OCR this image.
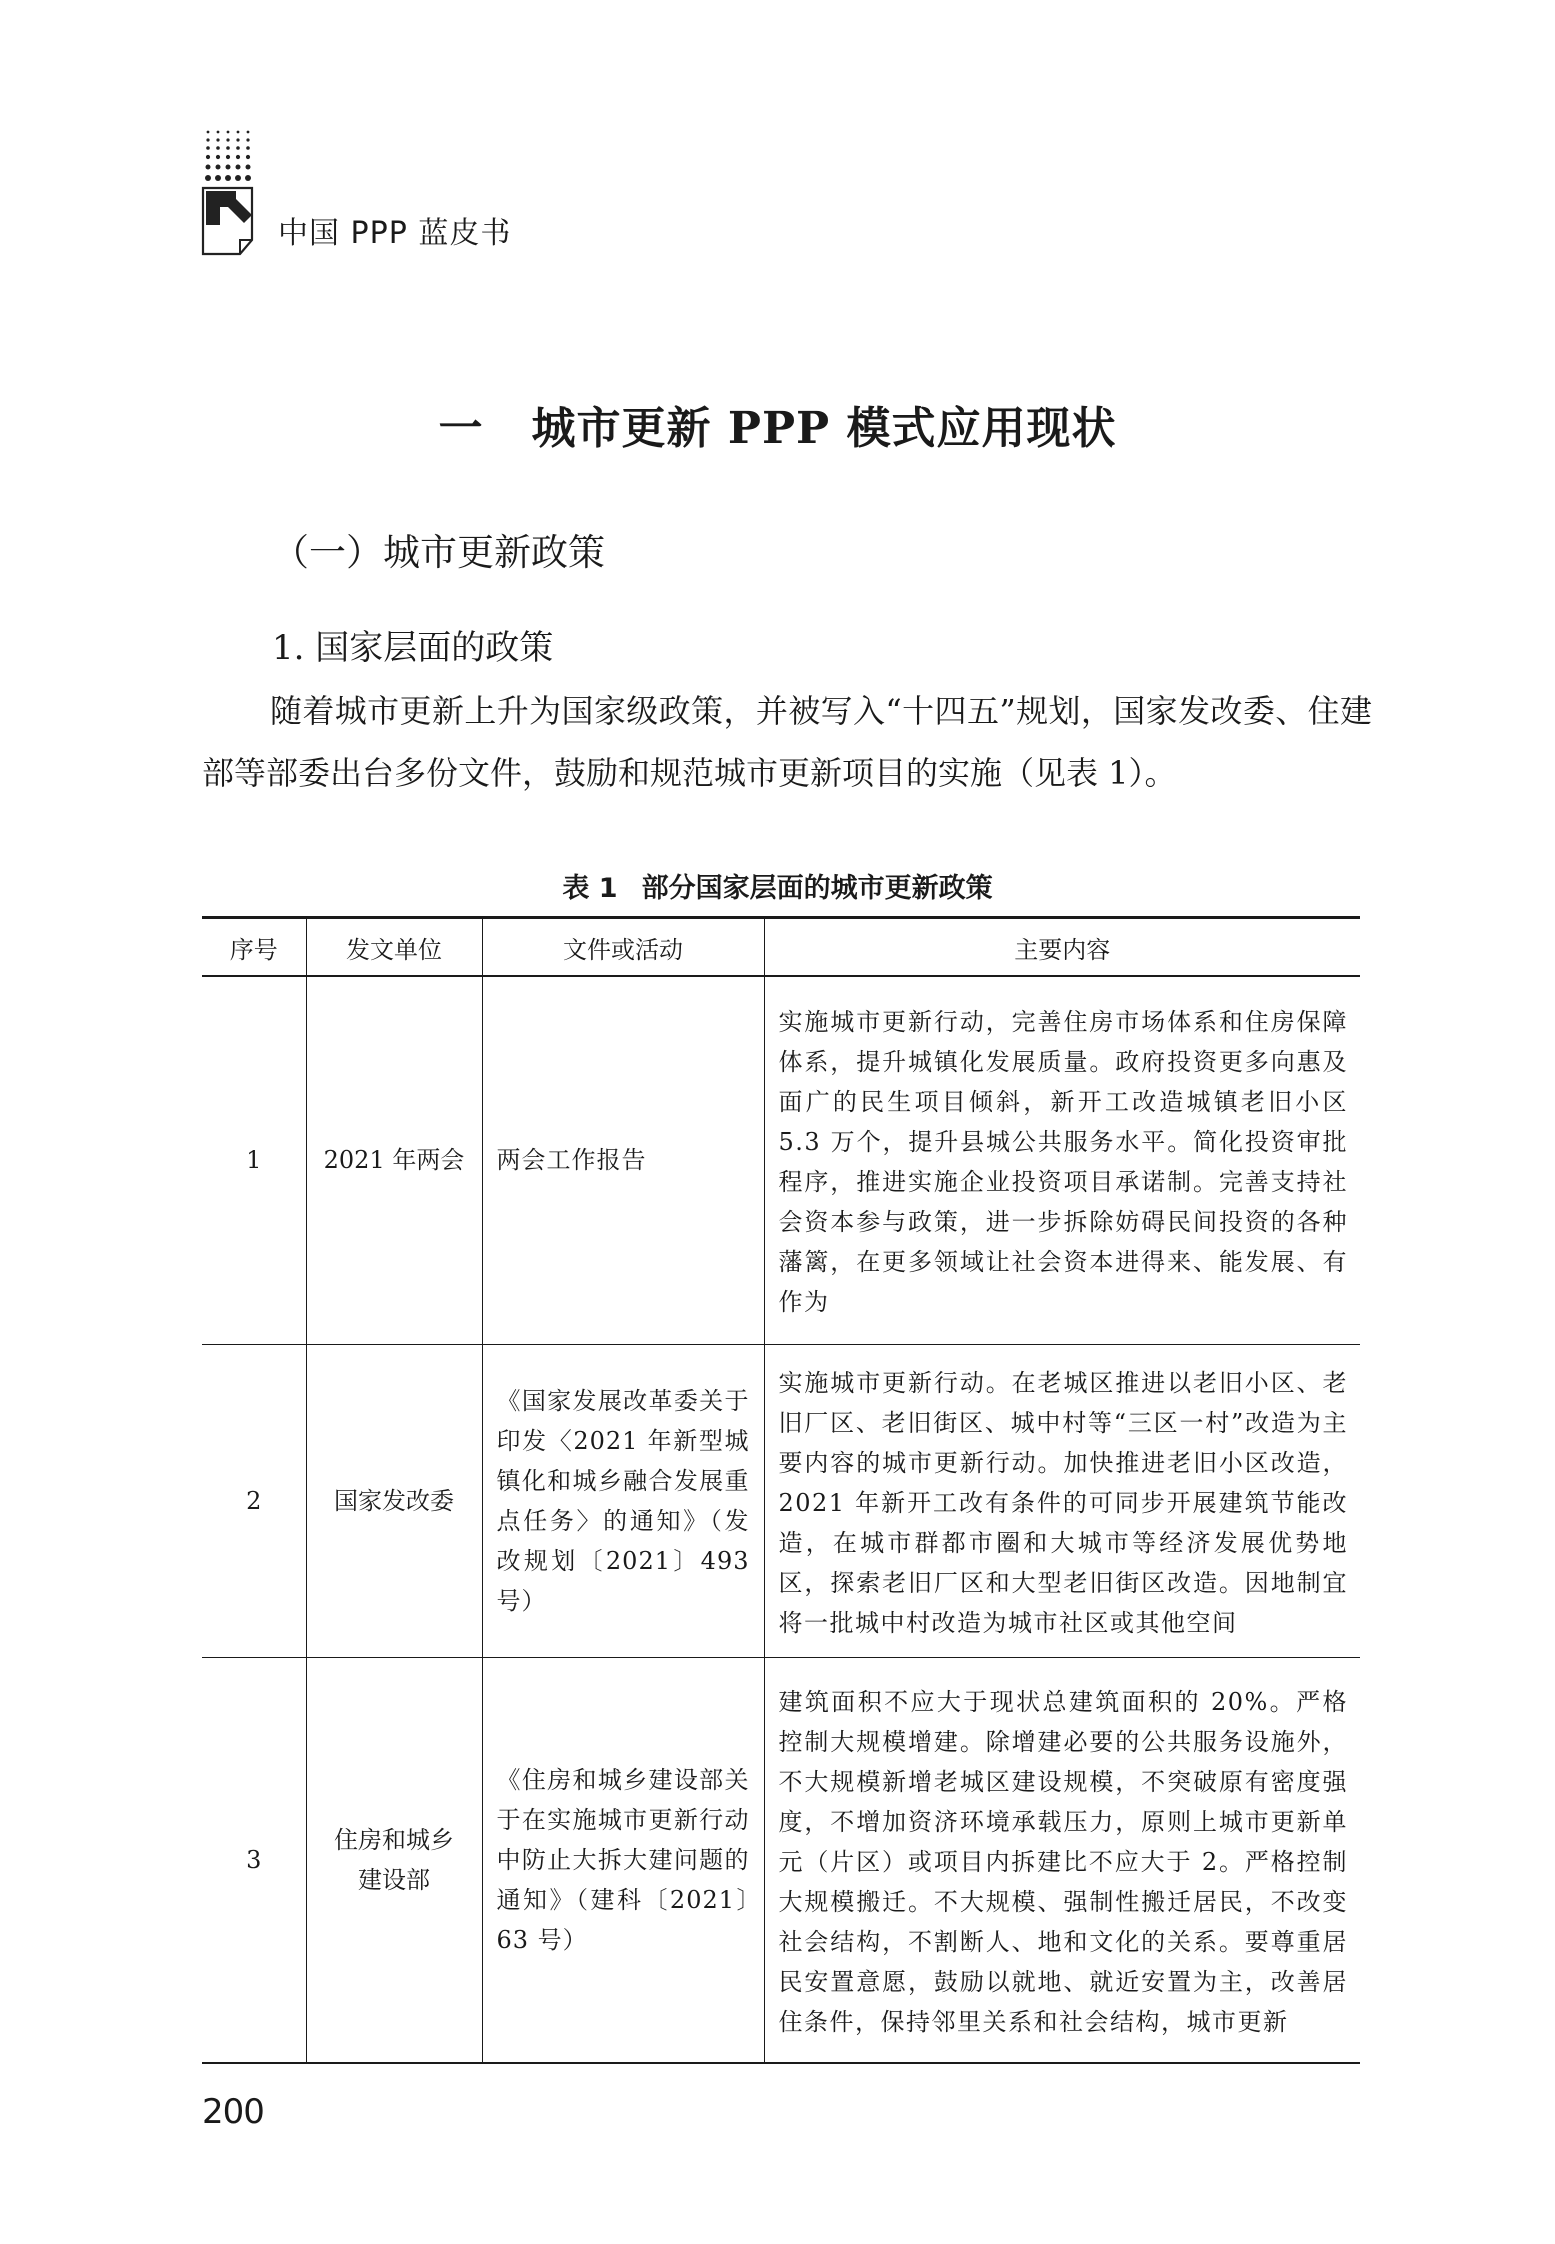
中国 PPP 蓝皮书
一 城市更新 PPP 模式应用现状
（一）城市更新政策
1. 国家层面的政策
随着城市更新上升为国家级政策，并被写入“十四五”规划，国家发改委、住建部等部委出台多份文件，鼓励和规范城市更新项目的实施（见表 1）。
表 1 部分国家层面的城市更新政策
序号	发文单位	文件或活动	主要内容
1	2021 年两会	两会工作报告	实施城市更新行动，完善住房市场体系和住房保障体系，提升城镇化发展质量。政府投资更多向惠及面广的民生项目倾斜，新开工改造城镇老旧小区 5.3 万个，提升县城公共服务水平。简化投资审批程序，推进实施企业投资项目承诺制。完善支持社会资本参与政策，进一步拆除妨碍民间投资的各种藩篱，在更多领域让社会资本进得来、能发展、有作为
2	国家发改委	《国家发展改革委关于印发〈2021 年新型城镇化和城乡融合发展重点任务〉的通知》（发改规划〔2021〕493 号）	实施城市更新行动。在老城区推进以老旧小区、老旧厂区、老旧街区、城中村等“三区一村”改造为主要内容的城市更新行动。加快推进老旧小区改造，2021 年新开工改有条件的可同步开展建筑节能改造，在城市群都市圈和大城市等经济发展优势地区，探索老旧厂区和大型老旧街区改造。因地制宜将一批城中村改造为城市社区或其他空间
3	住房和城乡建设部	《住房和城乡建设部关于在实施城市更新行动中防止大拆大建问题的通知》（建科〔2021〕63 号）	建筑面积不应大于现状总建筑面积的 20%。严格控制大规模增建。除增建必要的公共服务设施外，不大规模新增老城区建设规模，不突破原有密度强度，不增加资济环境承载压力，原则上城市更新单元（片区）或项目内拆建比不应大于 2。严格控制大规模搬迁。不大规模、强制性搬迁居民，不改变社会结构，不割断人、地和文化的关系。要尊重居民安置意愿，鼓励以就地、就近安置为主，改善居住条件，保持邻里关系和社会结构，城市更新
200
